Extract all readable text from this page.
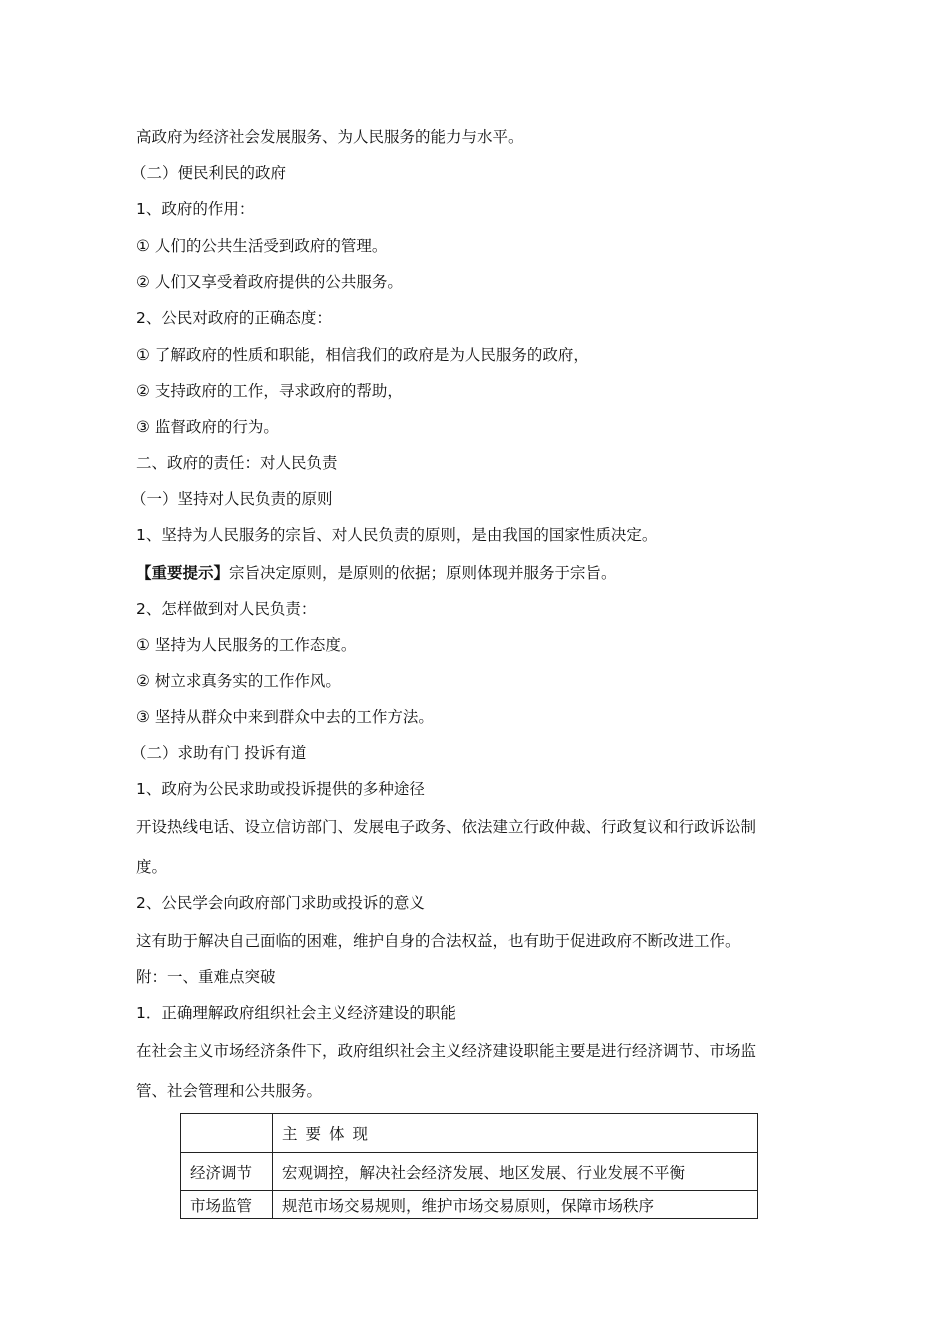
高政府为经济社会发展服务、为人民服务的能力与水平。
（二）便民利民的政府
1、政府的作用：
① 人们的公共生活受到政府的管理。
② 人们又享受着政府提供的公共服务。
2、公民对政府的正确态度：
① 了解政府的性质和职能，相信我们的政府是为人民服务的政府，
② 支持政府的工作，寻求政府的帮助，
③ 监督政府的行为。
二、政府的责任：对人民负责
（一）坚持对人民负责的原则
1、坚持为人民服务的宗旨、对人民负责的原则，是由我国的国家性质决定。
【重要提示】宗旨决定原则，是原则的依据；原则体现并服务于宗旨。
2、怎样做到对人民负责：
① 坚持为人民服务的工作态度。
② 树立求真务实的工作作风。
③ 坚持从群众中来到群众中去的工作方法。
（二）求助有门 投诉有道
1、政府为公民求助或投诉提供的多种途径
开设热线电话、设立信访部门、发展电子政务、依法建立行政仲裁、行政复议和行政诉讼制
度。
2、公民学会向政府部门求助或投诉的意义
这有助于解决自己面临的困难，维护自身的合法权益，也有助于促进政府不断改进工作。
附：一、重难点突破
1．正确理解政府组织社会主义经济建设的职能
在社会主义市场经济条件下，政府组织社会主义经济建设职能主要是进行经济调节、市场监
管、社会管理和公共服务。
	主要体现
经济调节	宏观调控，解决社会经济发展、地区发展、行业发展不平衡
市场监管	规范市场交易规则，维护市场交易原则，保障市场秩序
